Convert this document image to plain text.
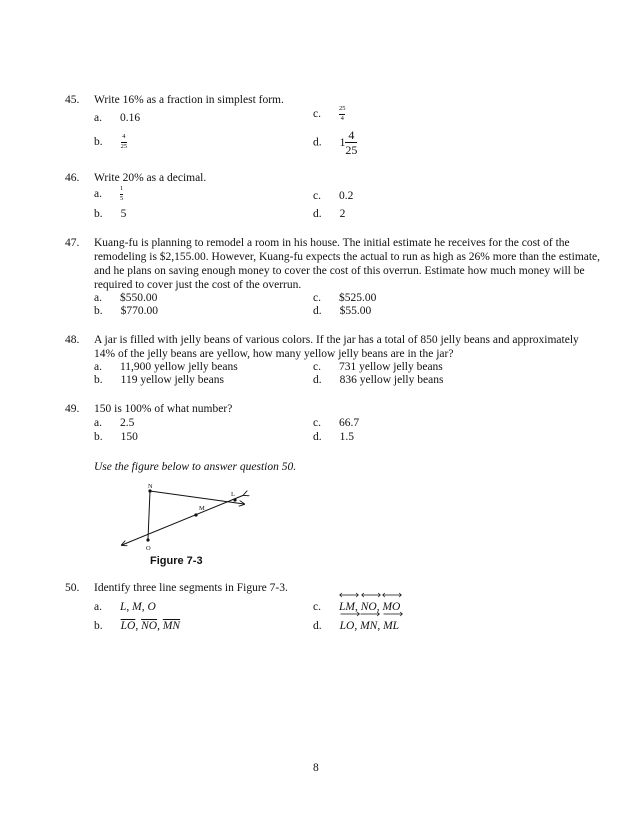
45. Write 16% as a fraction in simplest form.
a. 0.16	c.	$\frac{25}{4}$
b.	$\frac{4}{25}$	d. $1 \frac{4}{25}$
46. Write 20% as a decimal.
a.	$\frac{1}{5}$	c. 0.2
b. 5	d. 2
47. Kuang-fu is planning to remodel a room in his house. The initial estimate he receives for the cost of the
remodeling is $2,155.00. However, Kuang-fu expects the actual to run as high as 26% more than the estimate,
and he plans on saving enough money to cover the cost of this overrun. Estimate how much money will be
required to cover just the cost of the overrun.
a. $550.00	c. $525.00
b. $770.00	d. $55.00
48. A jar is filled with jelly beans of various colors. If the jar has a total of 850 jelly beans and approximately
14% of the jelly beans are yellow, how many yellow jelly beans are in the jar?
a. 11,900 yellow jelly beans	c. 731 yellow jelly beans
b. 119 yellow jelly beans	d. 836 yellow jelly beans
49. 150 is 100% of what number?
a. 2.5	c. 66.7
b. 150	d. 1.5
Use the figure below to answer question 50.
N
M
L
O
Figure 7-3
50. Identify three line segments in Figure 7-3.
a. L, M, O	c. LM, NO, MO
b. $\overline{LO}$, $\overline{NO}$, $\overline{MN}$	d. LO, MN, ML
8
